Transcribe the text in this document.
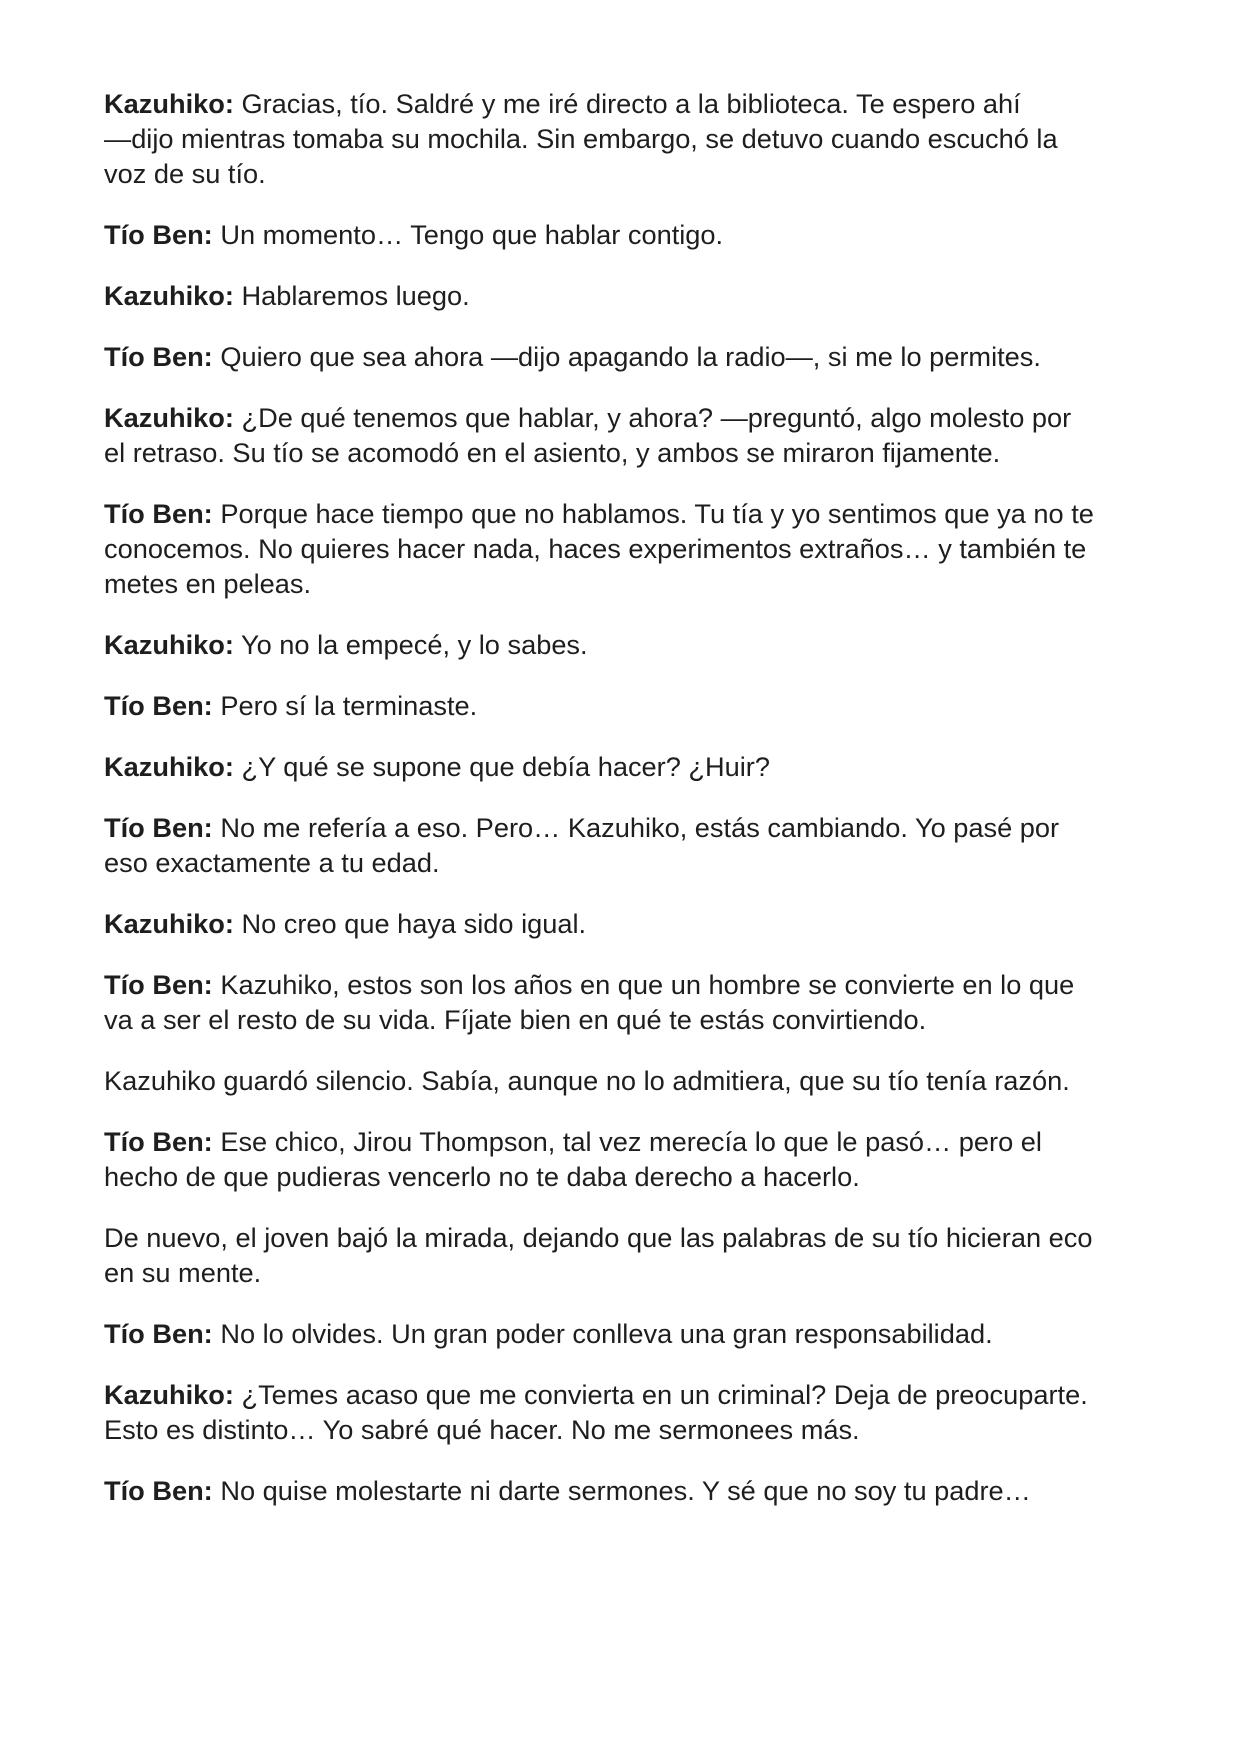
Kazuhiko: Gracias, tío. Saldré y me iré directo a la biblioteca. Te espero ahí
—dijo mientras tomaba su mochila. Sin embargo, se detuvo cuando escuchó la
voz de su tío.
Tío Ben: Un momento… Tengo que hablar contigo.
Kazuhiko: Hablaremos luego.
Tío Ben: Quiero que sea ahora —dijo apagando la radio—, si me lo permites.
Kazuhiko: ¿De qué tenemos que hablar, y ahora? —preguntó, algo molesto por
el retraso. Su tío se acomodó en el asiento, y ambos se miraron fijamente.
Tío Ben: Porque hace tiempo que no hablamos. Tu tía y yo sentimos que ya no te
conocemos. No quieres hacer nada, haces experimentos extraños… y también te
metes en peleas.
Kazuhiko: Yo no la empecé, y lo sabes.
Tío Ben: Pero sí la terminaste.
Kazuhiko: ¿Y qué se supone que debía hacer? ¿Huir?
Tío Ben: No me refería a eso. Pero… Kazuhiko, estás cambiando. Yo pasé por
eso exactamente a tu edad.
Kazuhiko: No creo que haya sido igual.
Tío Ben: Kazuhiko, estos son los años en que un hombre se convierte en lo que
va a ser el resto de su vida. Fíjate bien en qué te estás convirtiendo.
Kazuhiko guardó silencio. Sabía, aunque no lo admitiera, que su tío tenía razón.
Tío Ben: Ese chico, Jirou Thompson, tal vez merecía lo que le pasó… pero el
hecho de que pudieras vencerlo no te daba derecho a hacerlo.
De nuevo, el joven bajó la mirada, dejando que las palabras de su tío hicieran eco
en su mente.
Tío Ben: No lo olvides. Un gran poder conlleva una gran responsabilidad.
Kazuhiko: ¿Temes acaso que me convierta en un criminal? Deja de preocuparte.
Esto es distinto… Yo sabré qué hacer. No me sermonees más.
Tío Ben: No quise molestarte ni darte sermones. Y sé que no soy tu padre…
